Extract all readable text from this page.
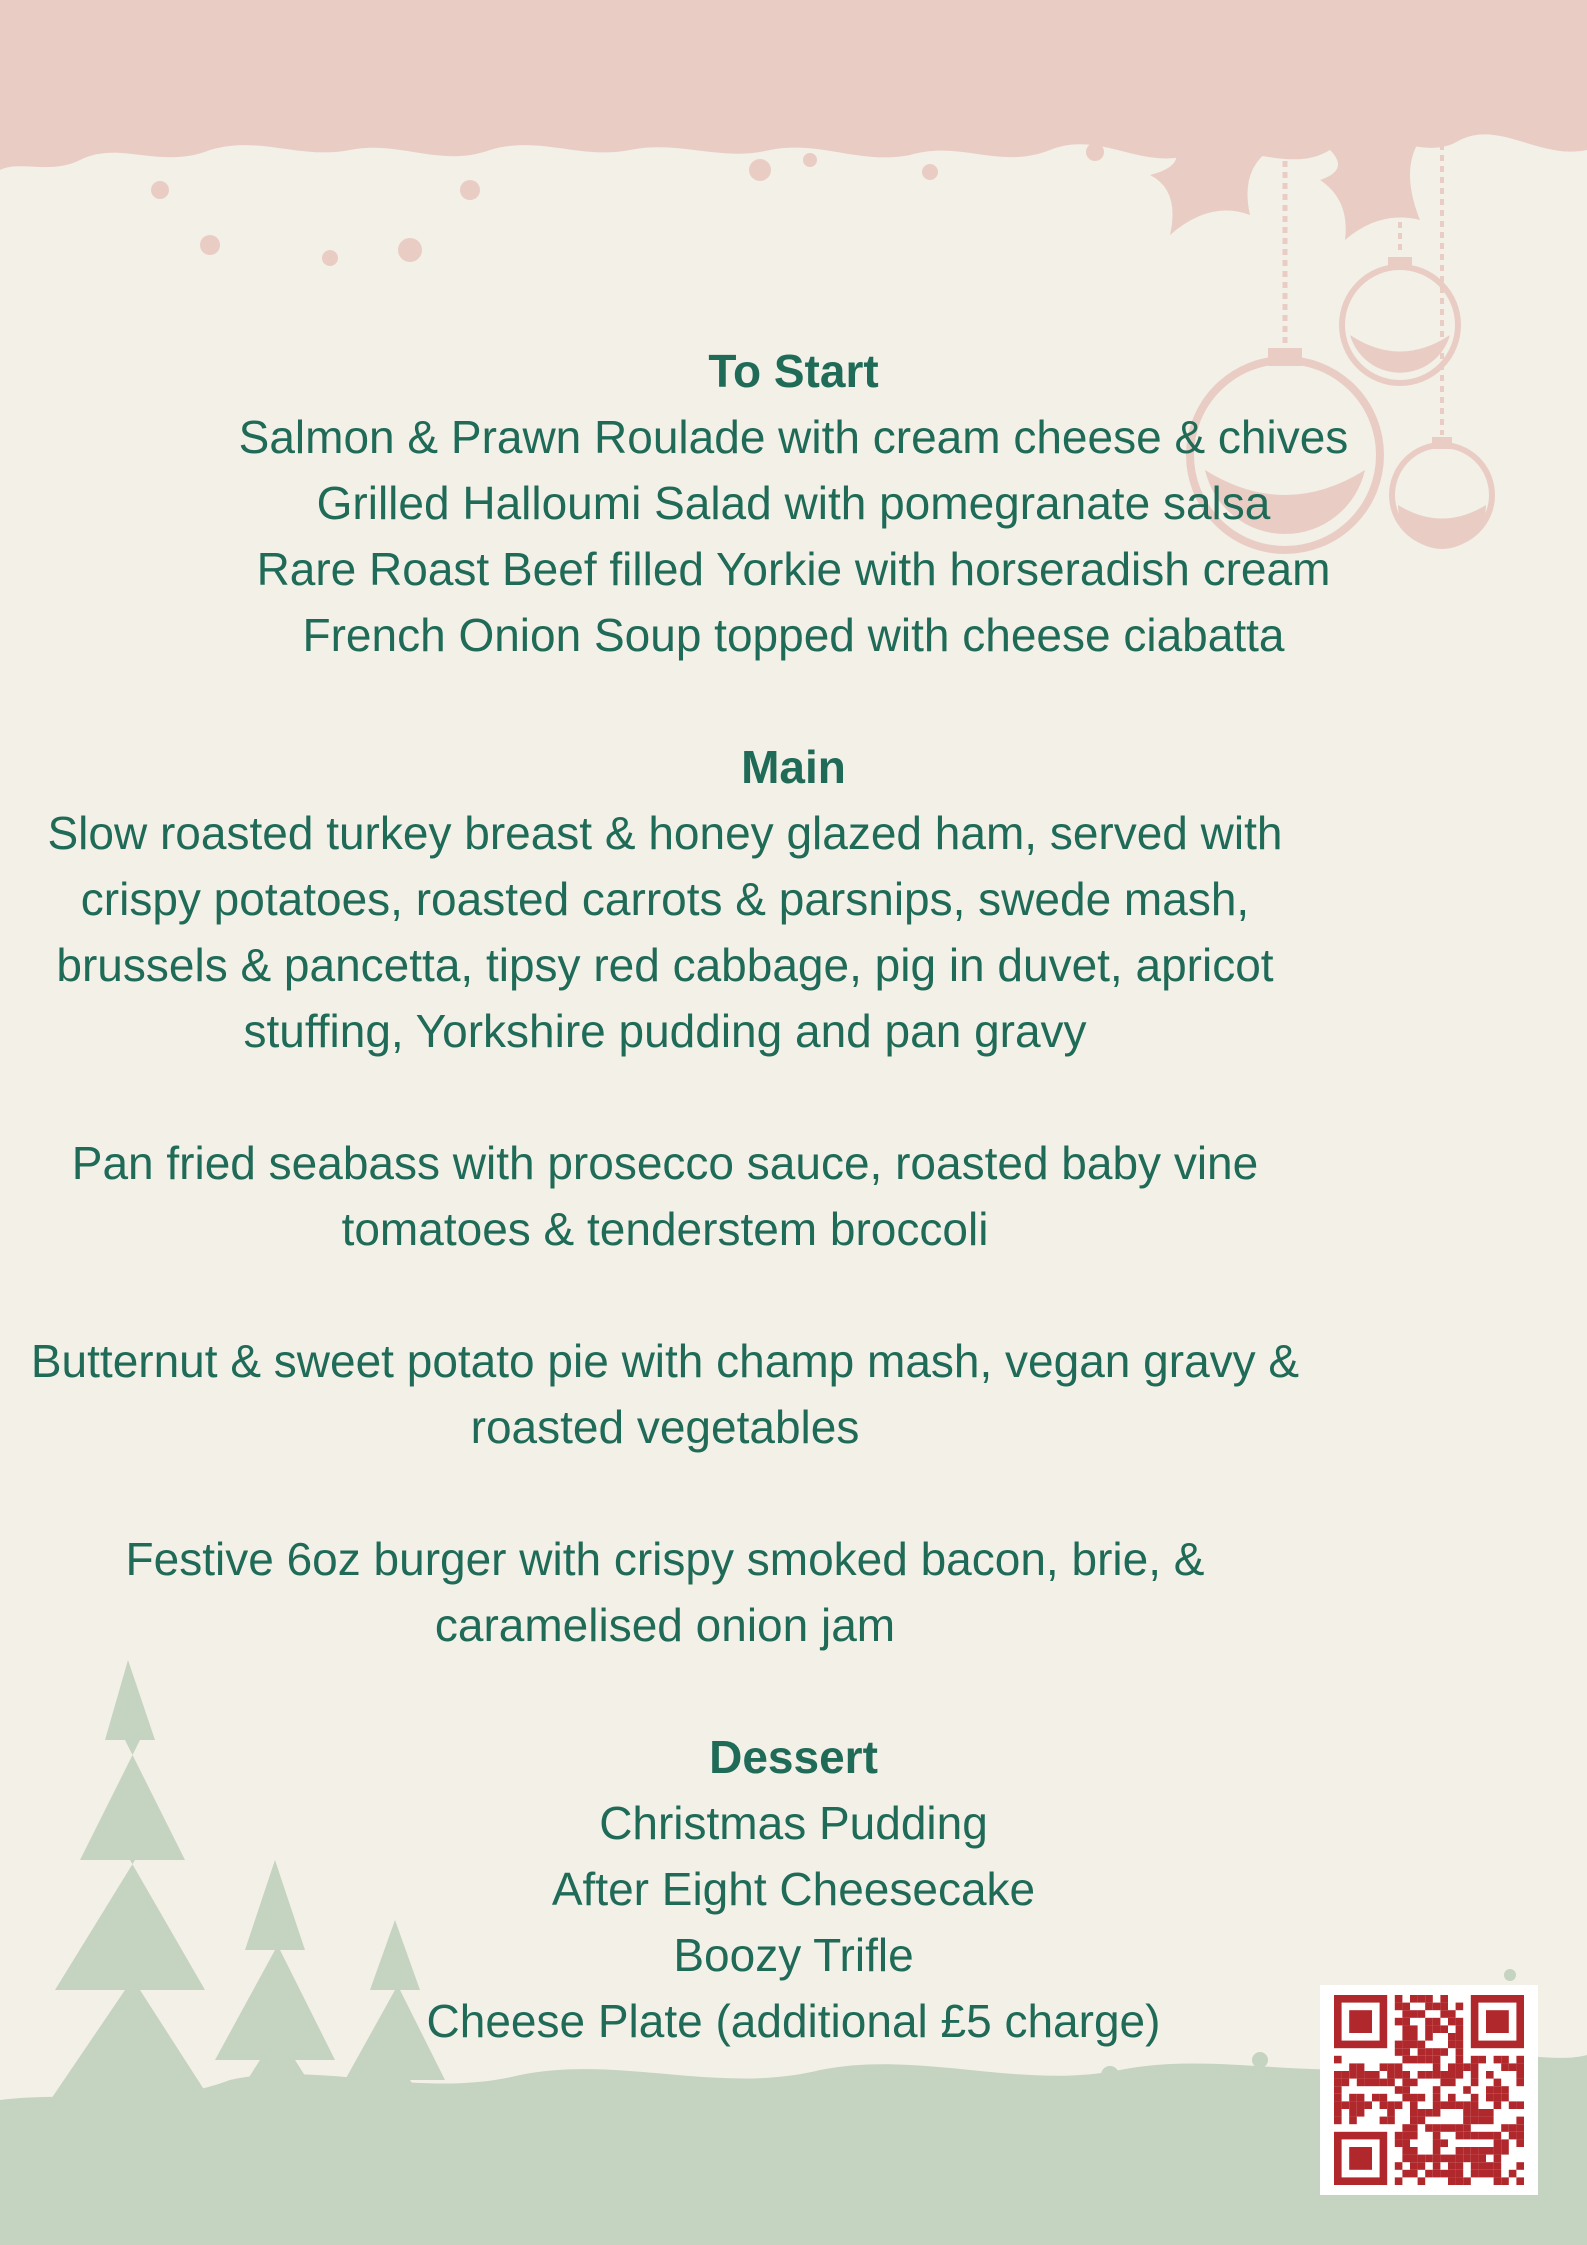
To Start

Salmon & Prawn Roulade with cream cheese & chives

Grilled Halloumi Salad with pomegranate salsa

Rare Roast Beef filled Yorkie with horseradish cream

French Onion Soup topped with cheese ciabatta

Main

Slow roasted turkey breast & honey glazed ham, served with crispy potatoes, roasted carrots & parsnips, swede mash, brussels & pancetta, tipsy red cabbage, pig in duvet, apricot stuffing, Yorkshire pudding and pan gravy

Pan fried seabass with prosecco sauce, roasted baby vine tomatoes & tenderstem broccoli

Butternut & sweet potato pie with champ mash, vegan gravy & roasted vegetables

Festive 6oz burger with crispy smoked bacon, brie, & caramelised onion jam

Dessert

Christmas Pudding

After Eight Cheesecake

Boozy Trifle

Cheese Plate (additional £5 charge)
